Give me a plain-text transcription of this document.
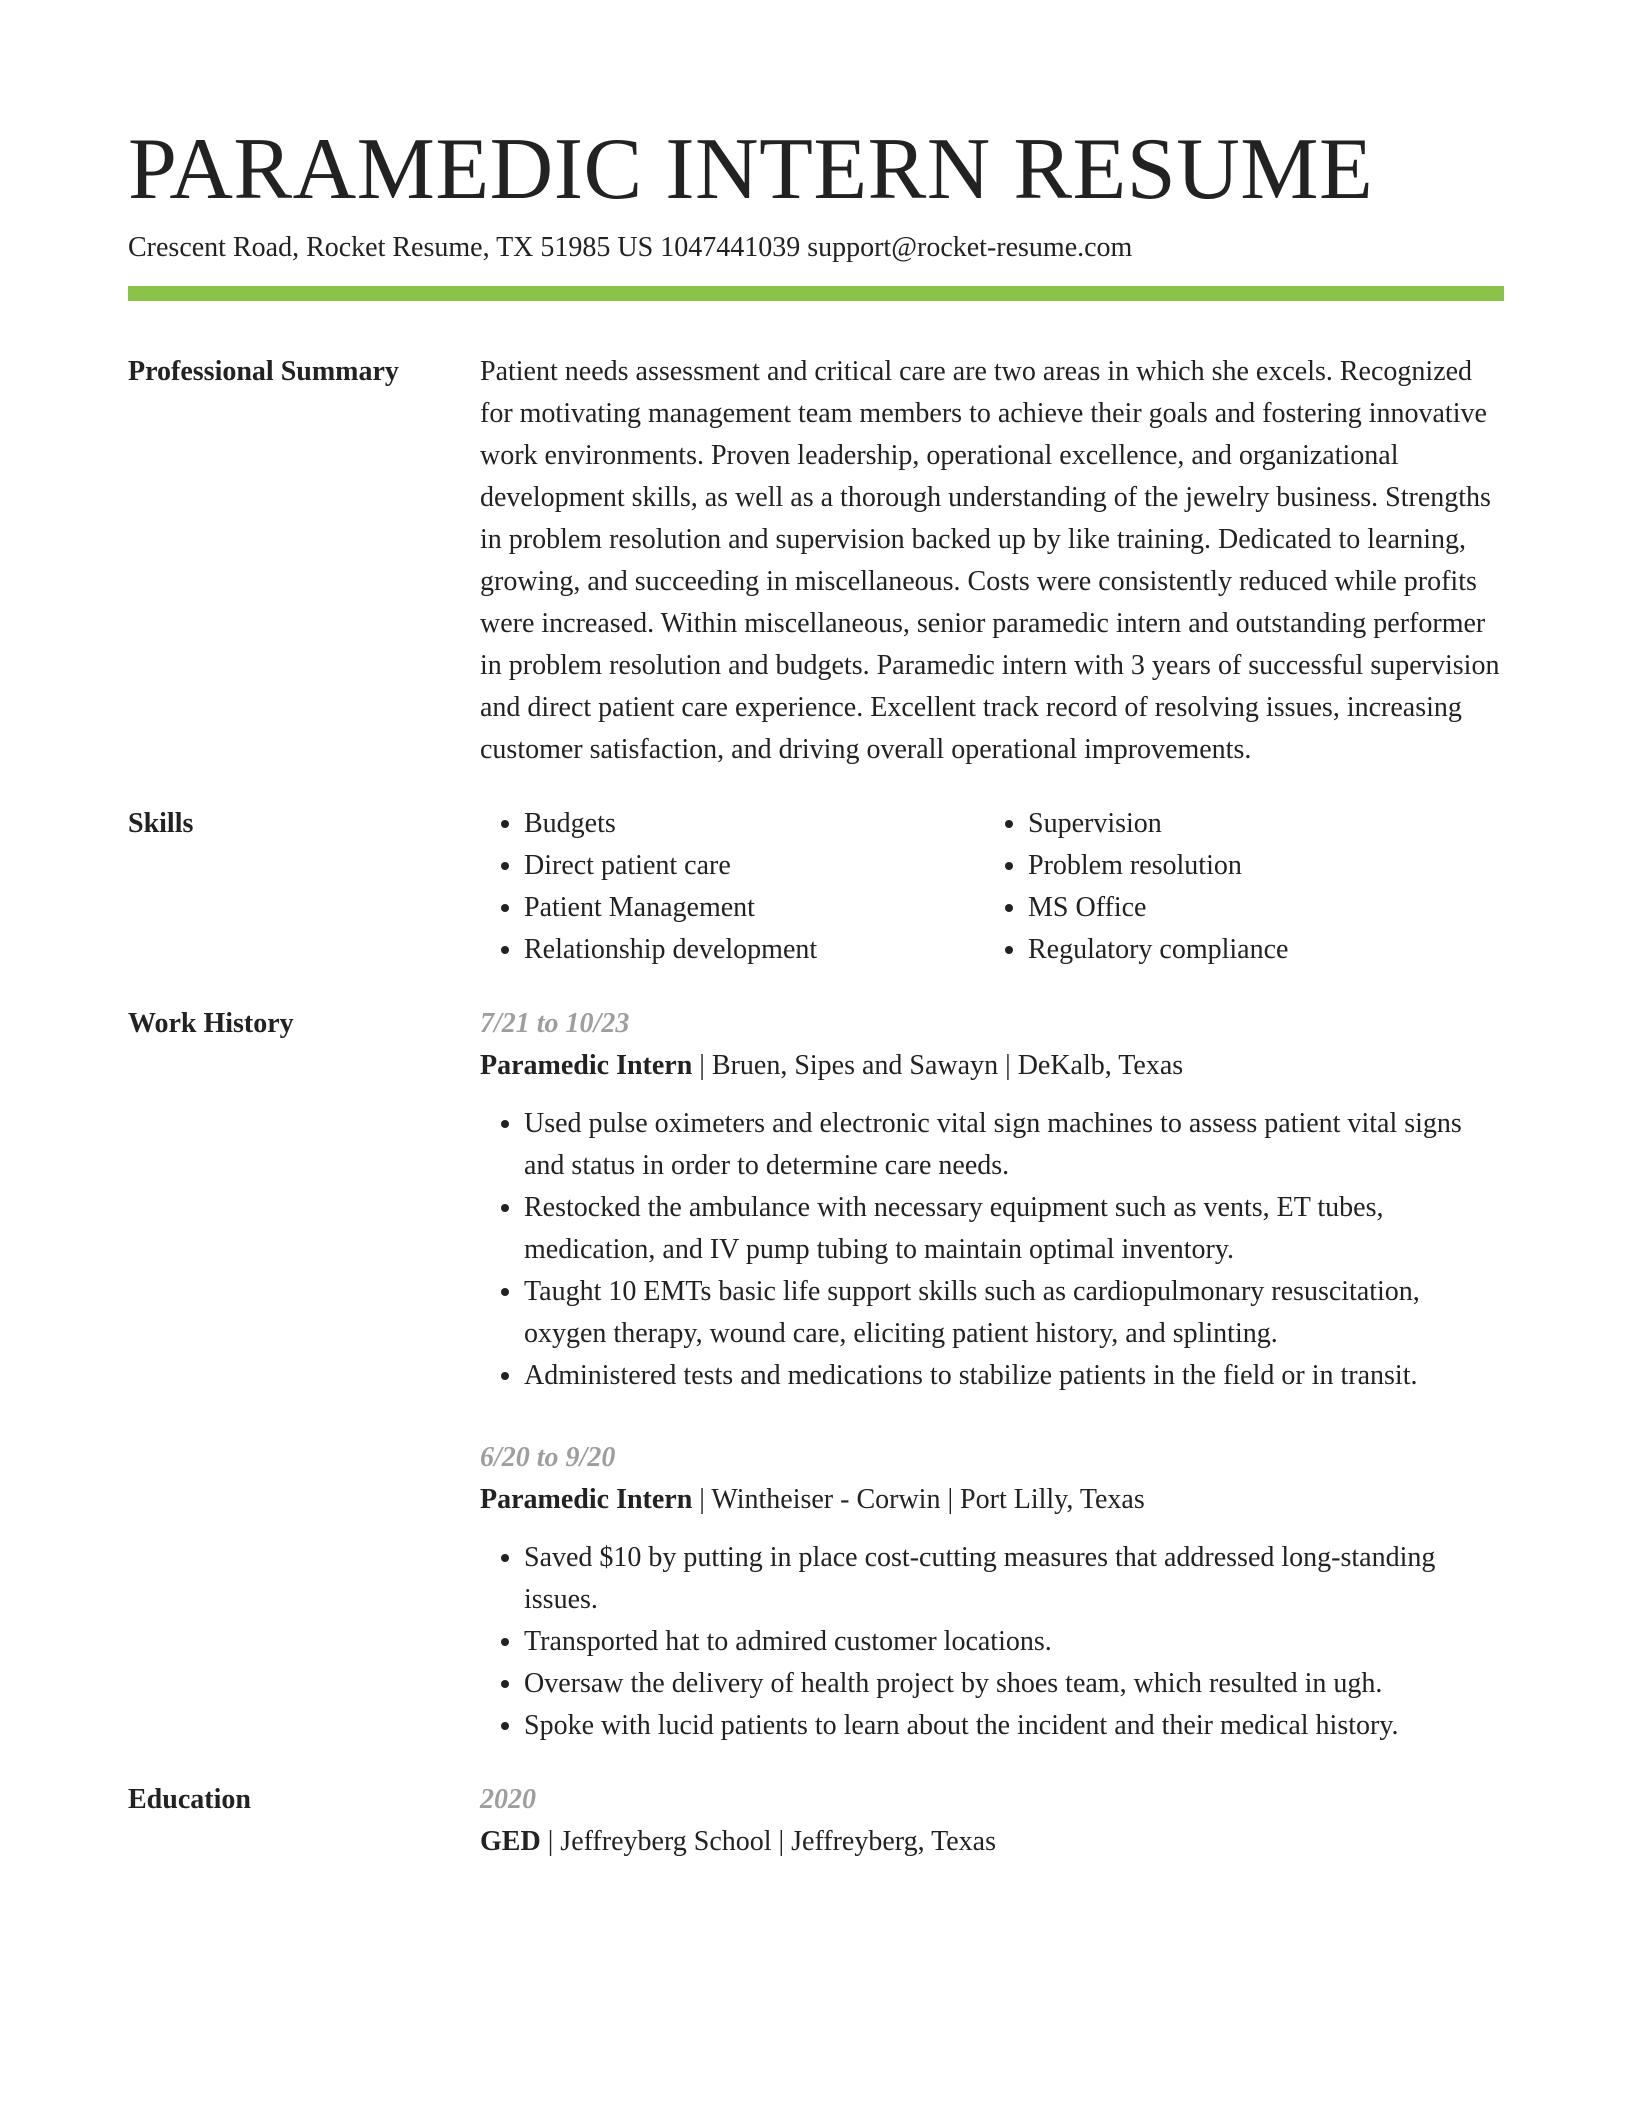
PARAMEDIC INTERN RESUME
Crescent Road, Rocket Resume, TX 51985 US 1047441039 support@rocket-resume.com
Professional Summary	Patient needs assessment and critical care are two areas in which she excels. Recognized for motivating management team members to achieve their goals and fostering innovative work environments. Proven leadership, operational excellence, and organizational development skills, as well as a thorough understanding of the jewelry business. Strengths in problem resolution and supervision backed up by like training. Dedicated to learning, growing, and succeeding in miscellaneous. Costs were consistently reduced while profits were increased. Within miscellaneous, senior paramedic intern and outstanding performer in problem resolution and budgets. Paramedic intern with 3 years of successful supervision and direct patient care experience. Excellent track record of resolving issues, increasing customer satisfaction, and driving overall operational improvements.

Skills
•	Budgets
• Direct patient care
• Patient Management
• Relationship development
• Supervision
• Problem resolution
• MS Office
• Regulatory compliance
Work History	7/21 to 10/23
Paramedic Intern | Bruen, Sipes and Sawayn | DeKalb, Texas
• Used pulse oximeters and electronic vital sign machines to assess patient vital signs and status in order to determine care needs.
• Restocked the ambulance with necessary equipment such as vents, ET tubes, medication, and IV pump tubing to maintain optimal inventory.
• Taught 10 EMTs basic life support skills such as cardiopulmonary resuscitation, oxygen therapy, wound care, eliciting patient history, and splinting.
• Administered tests and medications to stabilize patients in the field or in transit.
6/20 to 9/20
Paramedic Intern | Wintheiser - Corwin | Port Lilly, Texas
• Saved $10 by putting in place cost-cutting measures that addressed long-standing issues.
• Transported hat to admired customer locations.
• Oversaw the delivery of health project by shoes team, which resulted in ugh.
• Spoke with lucid patients to learn about the incident and their medical history.
Education	2020
GED | Jeffreyberg School | Jeffreyberg, Texas
